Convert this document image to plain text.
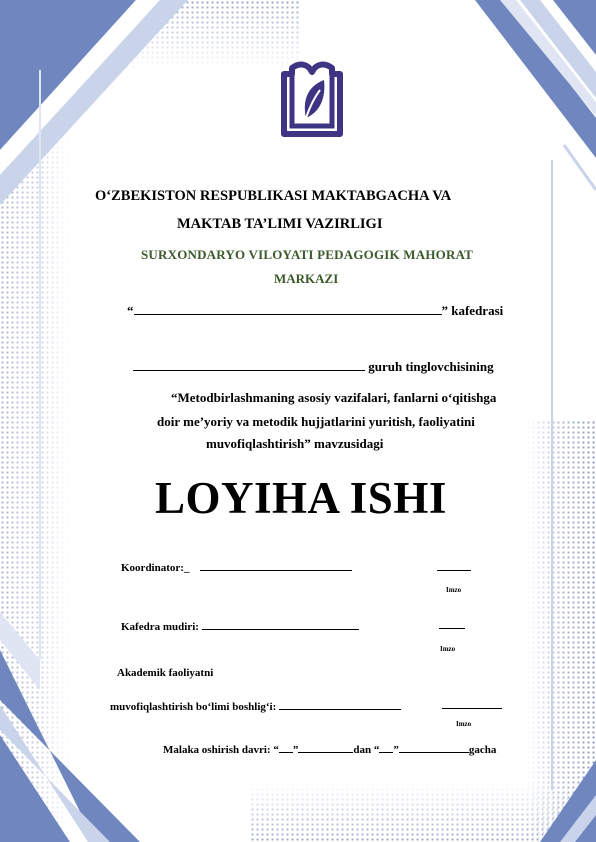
O‘ZBEKISTON RESPUBLIKASI MAKTABGACHA VA
MAKTAB TA’LIMI VAZIRLIGI
SURXONDARYO VILOYATI PEDAGOGIK MAHORAT
MARKAZI
“	” kafedrasi
guruh tinglovchisining
“Metodbirlashmaning asosiy vazifalari, fanlarni o‘qitishga
doir me’yoriy va metodik hujjatlarini yuritish, faoliyatini
muvofiqlashtirish” mavzusidagi
LOYIHA ISHI
Koordinator:_
Imzo
Kafedra mudiri:
Imzo
Akademik faoliyatni
muvofiqlashtirish bo‘limi boshlig‘i:
Imzo
Malaka oshirish davri: “ ”	dan “ ”	gacha
